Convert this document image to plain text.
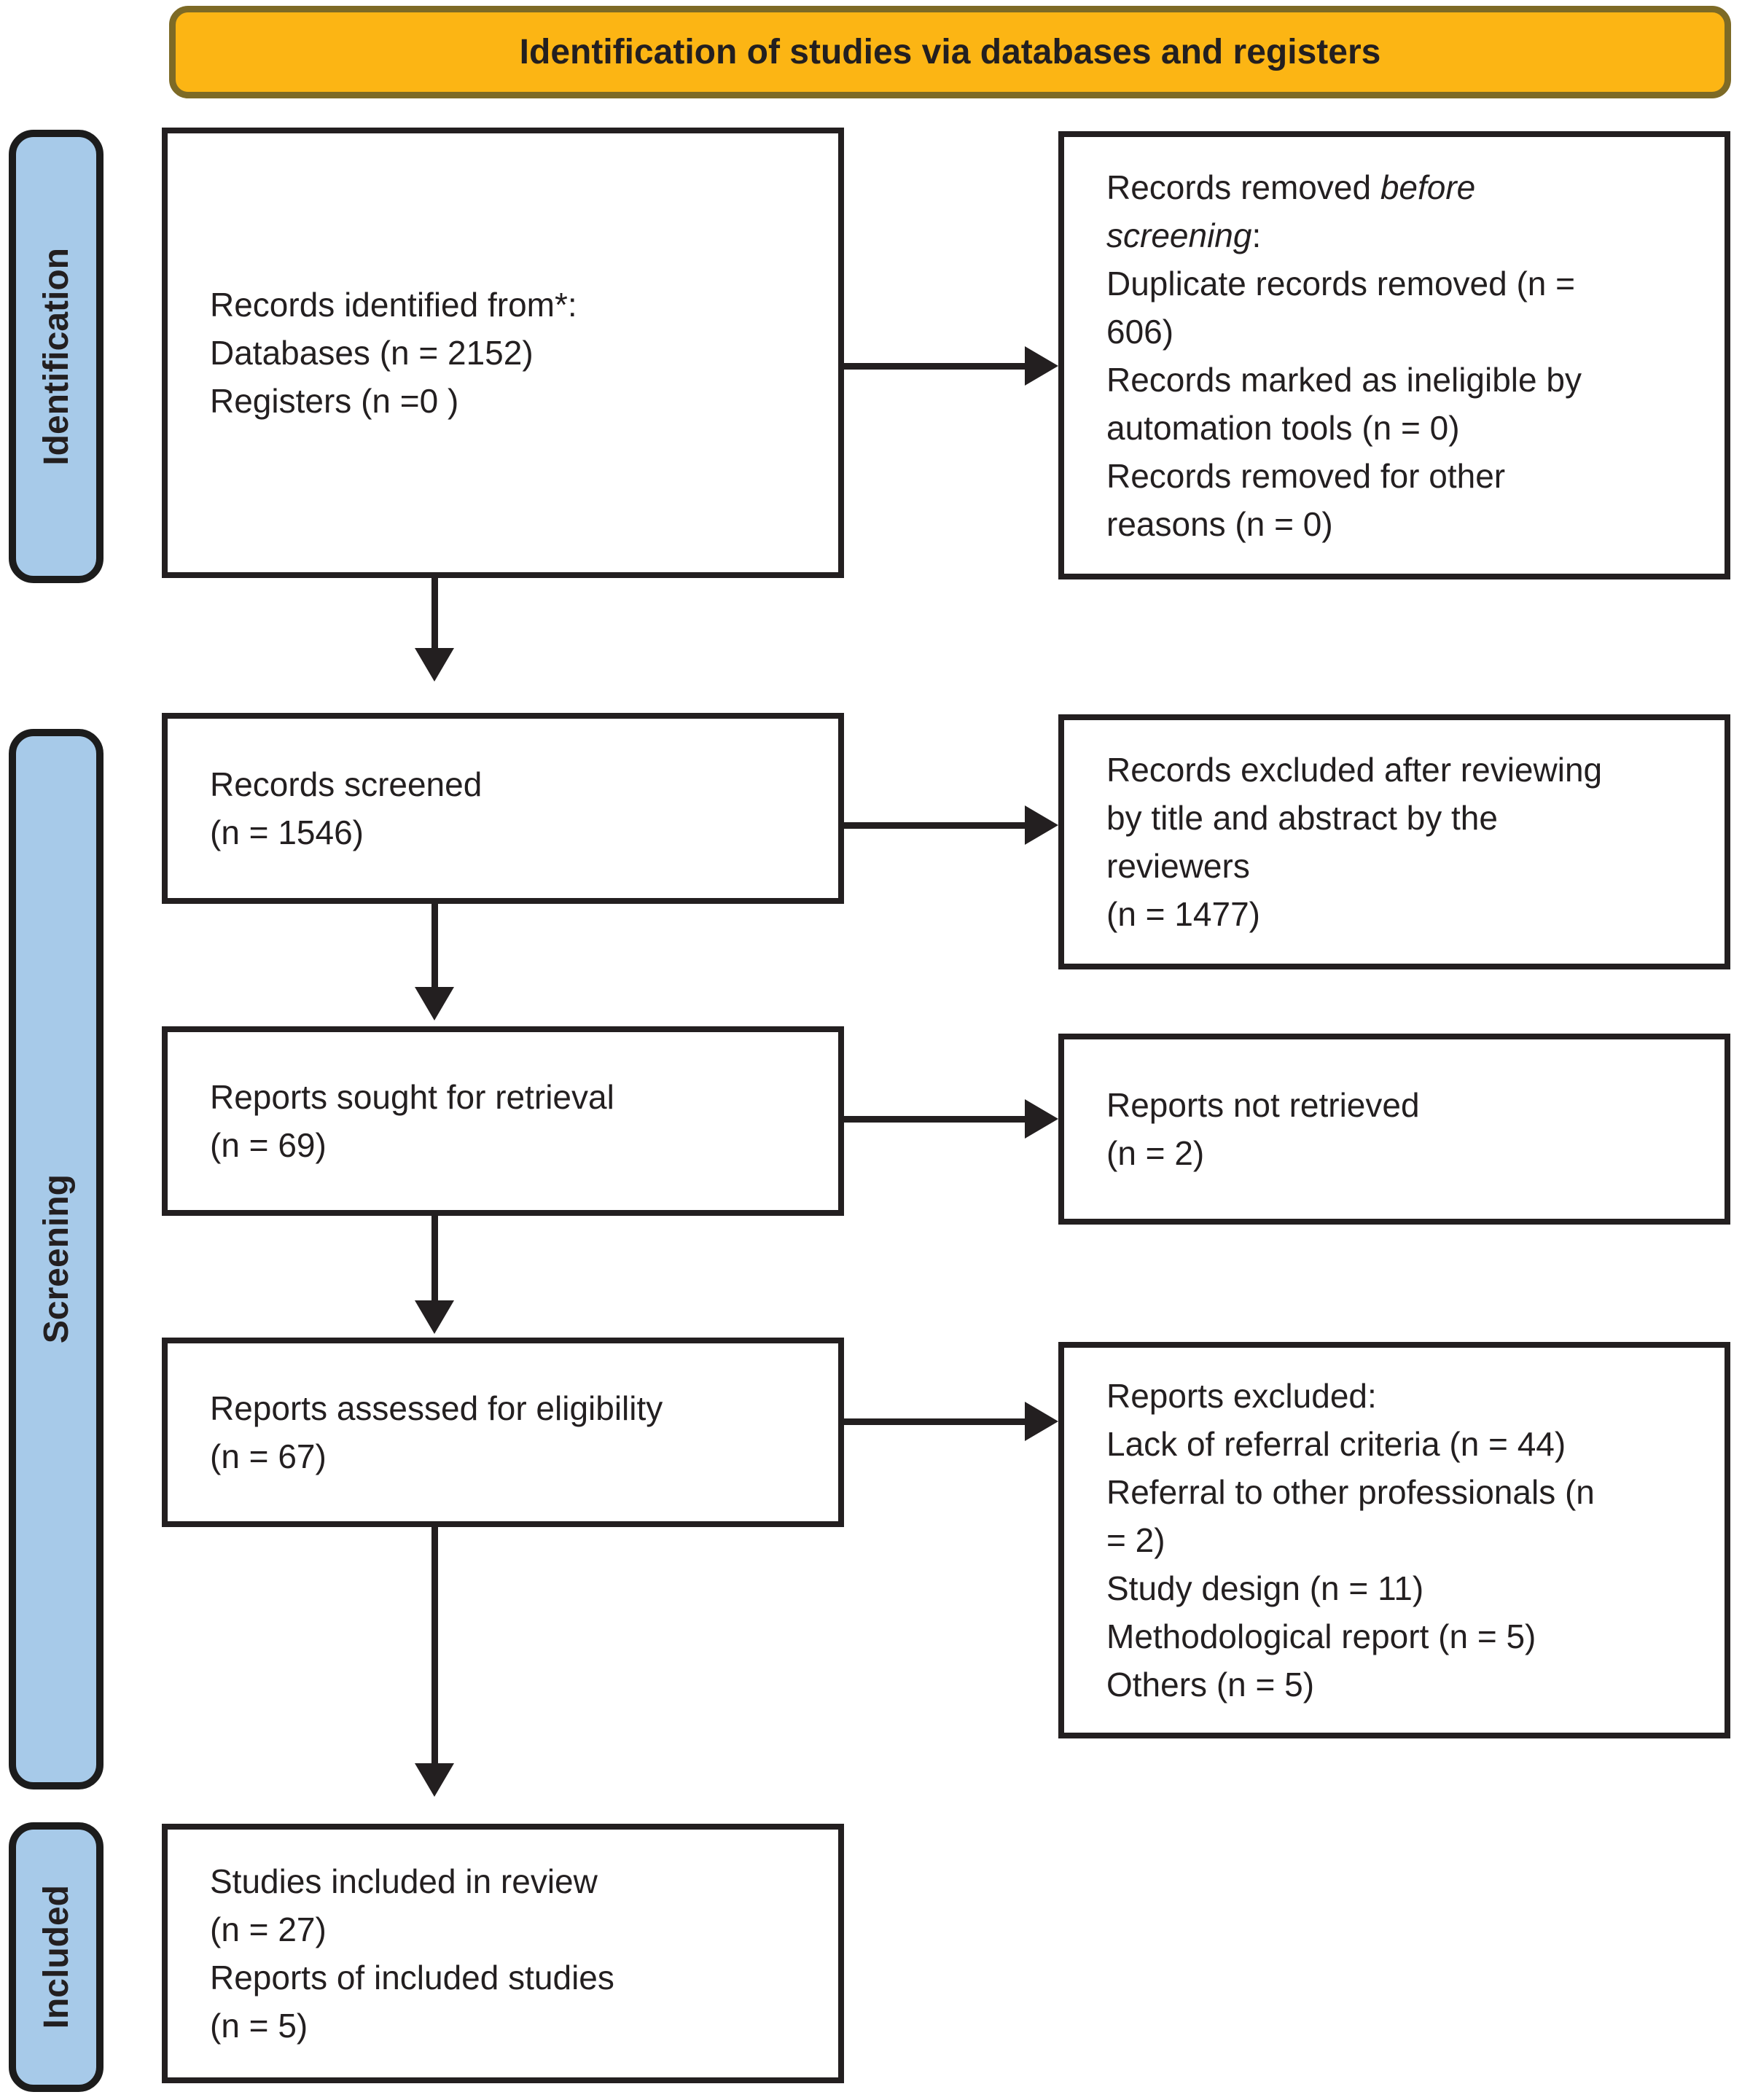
Identification of studies via databases and registers
Identification
Screening
Included
Records identified from*:
Databases (n = 2152)
Registers (n =0 )
Records screened
(n = 1546)
Reports sought for retrieval
(n = 69)
Reports assessed for eligibility
(n = 67)
Studies included in review
(n = 27)
Reports of included studies
(n = 5)
Records removed before screening:
Duplicate records removed (n = 606)
Records marked as ineligible by automation tools (n = 0)
Records removed for other reasons (n = 0)
Records excluded after reviewing by title and abstract by the reviewers
(n = 1477)
Reports not retrieved
(n = 2)
Reports excluded:
Lack of referral criteria (n = 44)
Referral to other professionals (n = 2)
Study design (n = 11)
Methodological report (n = 5)
Others (n = 5)
